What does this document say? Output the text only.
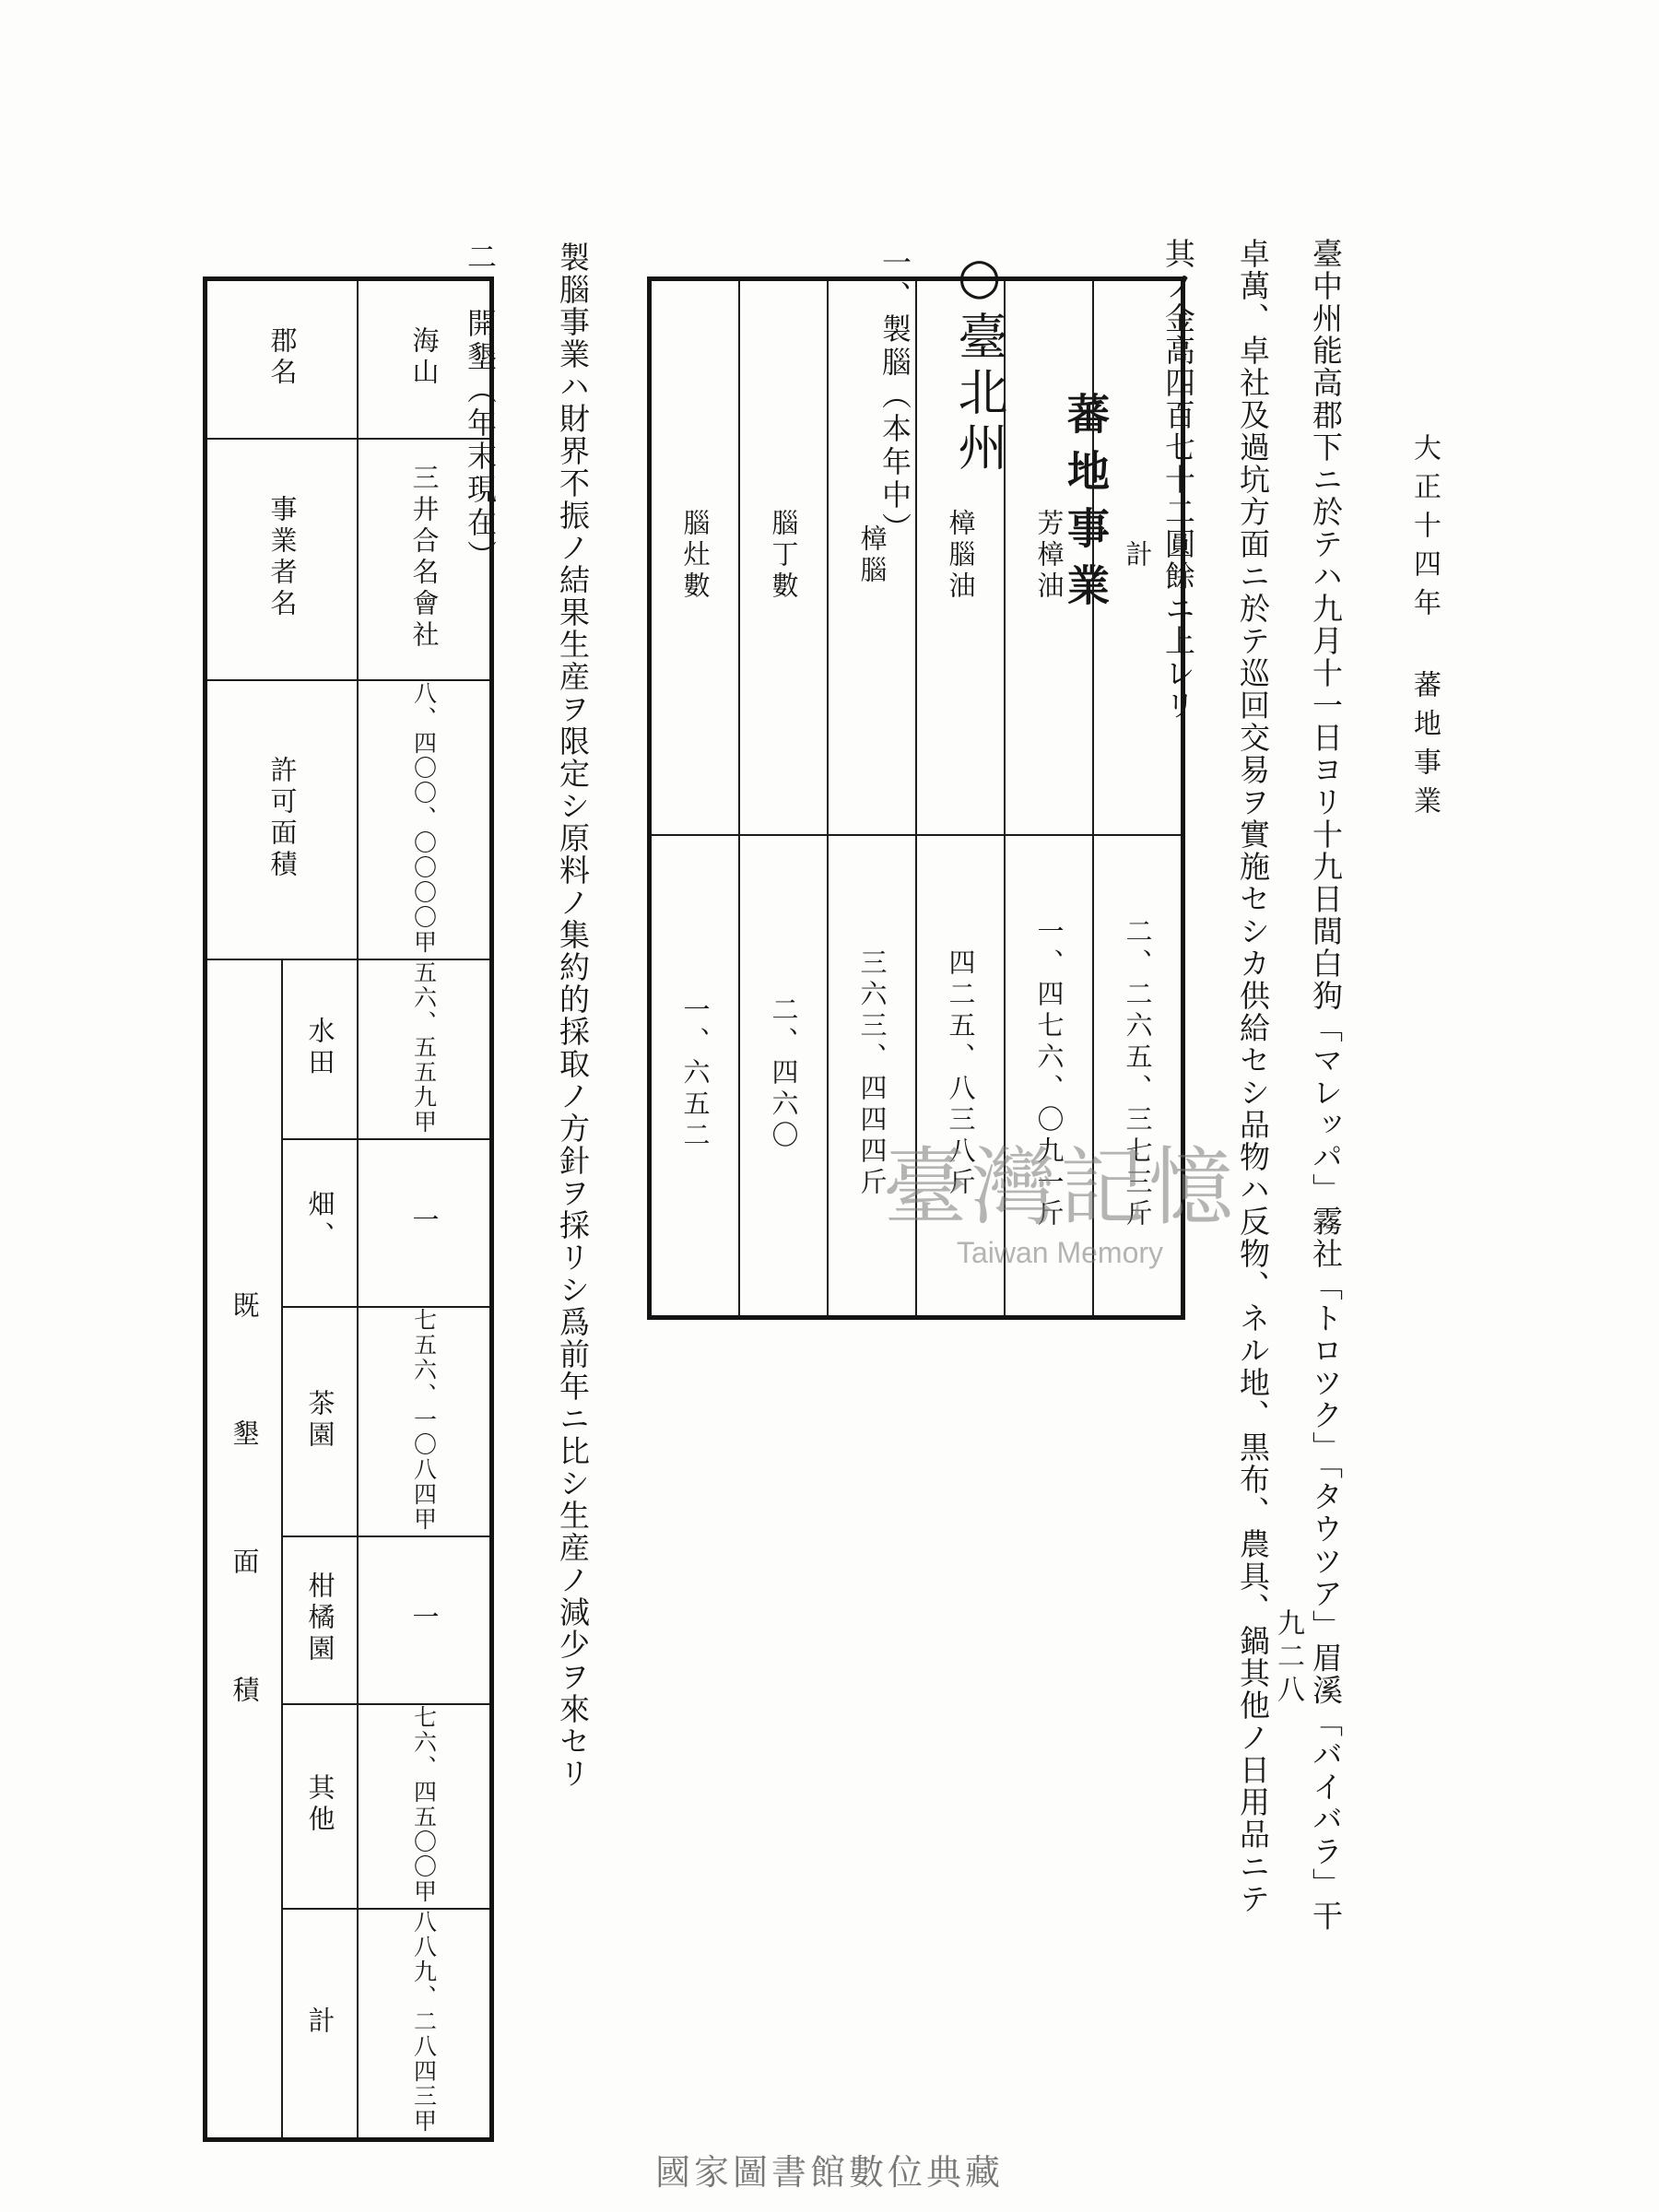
大正十四年 蕃地事業
九二八 臺中州能高郡下ニ於テハ九月十一日ヨリ十九日間白狗「マレッパ」霧社「トロツク」「タウツア」眉溪「バイバラ」干
卓萬、卓社及過坑方面ニ於テ巡回交易ヲ實施セシカ供給セシ品物ハ反物、ネル地、黒布、農具、鍋其他ノ日用品ニテ
其ノ金高四百七十二圓餘ニ上レリ
蕃地事業
○臺北州
一、製腦（本年中）
腦灶數	腦丁數	樟腦	樟腦油	芳樟油	計
一、六五二	二、四六〇	三六三、四四四斤	四二五、八三八斤	一、四七六、〇九一斤	二、二六五、三七三斤
製腦事業ハ財界不振ノ結果生産ヲ限定シ原料ノ集約的採取ノ方針ヲ採リシ爲前年ニ比シ生産ノ減少ヲ來セリ
二、開墾（年末現在）
郡名		海山
事業者名		三井合名會社
許可面積		八、四〇〇、〇〇〇〇甲
既墾面積	水田	五六、五五九甲
	畑、	一
	茶園	七五六、一〇八四甲
	柑橘園	一
	其他	七六、四五〇〇甲
	計	八八九、二八四三甲
臺灣記憶
Taiwan Memory
國家圖書館數位典藏
